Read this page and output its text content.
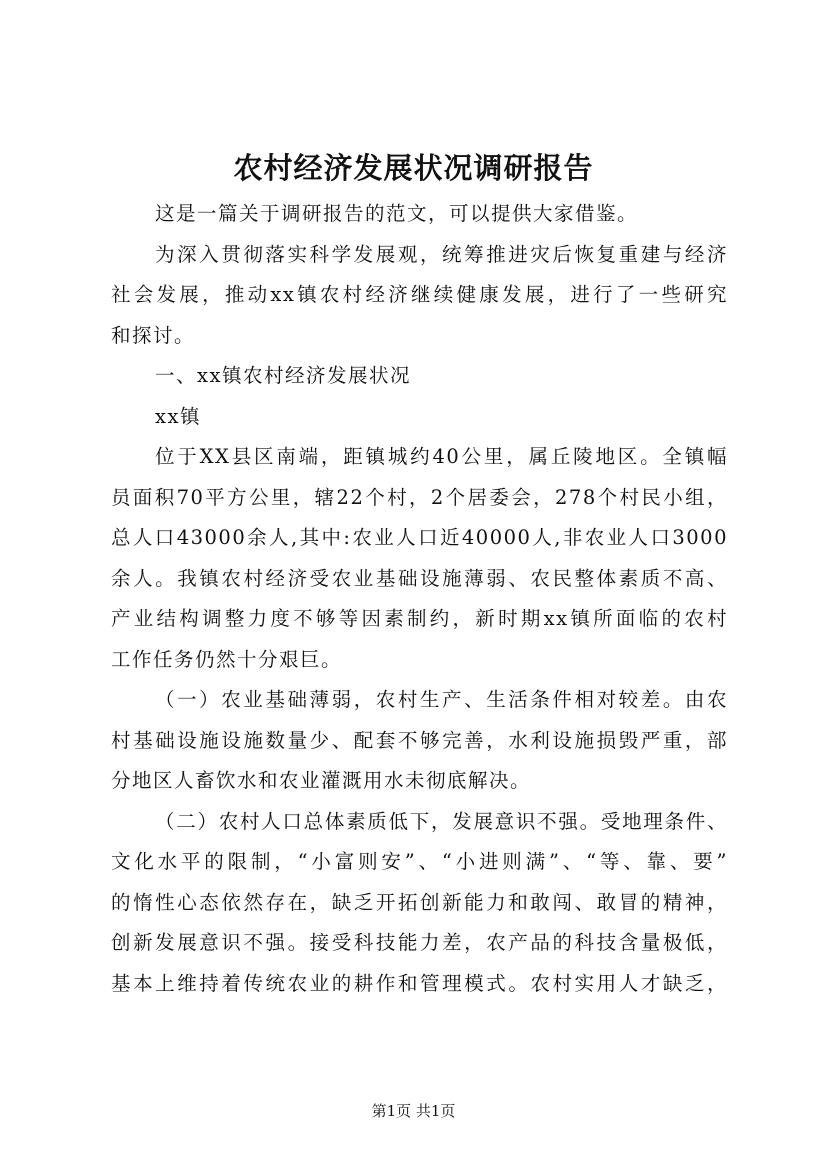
农村经济发展状况调研报告
这是一篇关于调研报告的范文，可以提供大家借鉴。
为深入贯彻落实科学发展观，统筹推进灾后恢复重建与经济
社会发展，推动xx镇农村经济继续健康发展，进行了一些研究
和探讨。
一、xx镇农村经济发展状况
xx镇
位于XX县区南端，距镇城约40公里，属丘陵地区。全镇幅
员面积70平方公里，辖22个村，2个居委会，278个村民小组，
总人口43000余人,其中:农业人口近40000人,非农业人口3000
余人。我镇农村经济受农业基础设施薄弱、农民整体素质不高、
产业结构调整力度不够等因素制约，新时期xx镇所面临的农村
工作任务仍然十分艰巨。
（一）农业基础薄弱，农村生产、生活条件相对较差。由农
村基础设施设施数量少、配套不够完善，水利设施损毁严重，部
分地区人畜饮水和农业灌溉用水未彻底解决。
（二）农村人口总体素质低下，发展意识不强。受地理条件、
文化水平的限制，“小富则安”、“小进则满”、“等、靠、要”
的惰性心态依然存在，缺乏开拓创新能力和敢闯、敢冒的精神，
创新发展意识不强。接受科技能力差，农产品的科技含量极低，
基本上维持着传统农业的耕作和管理模式。农村实用人才缺乏，
第1页 共1页
